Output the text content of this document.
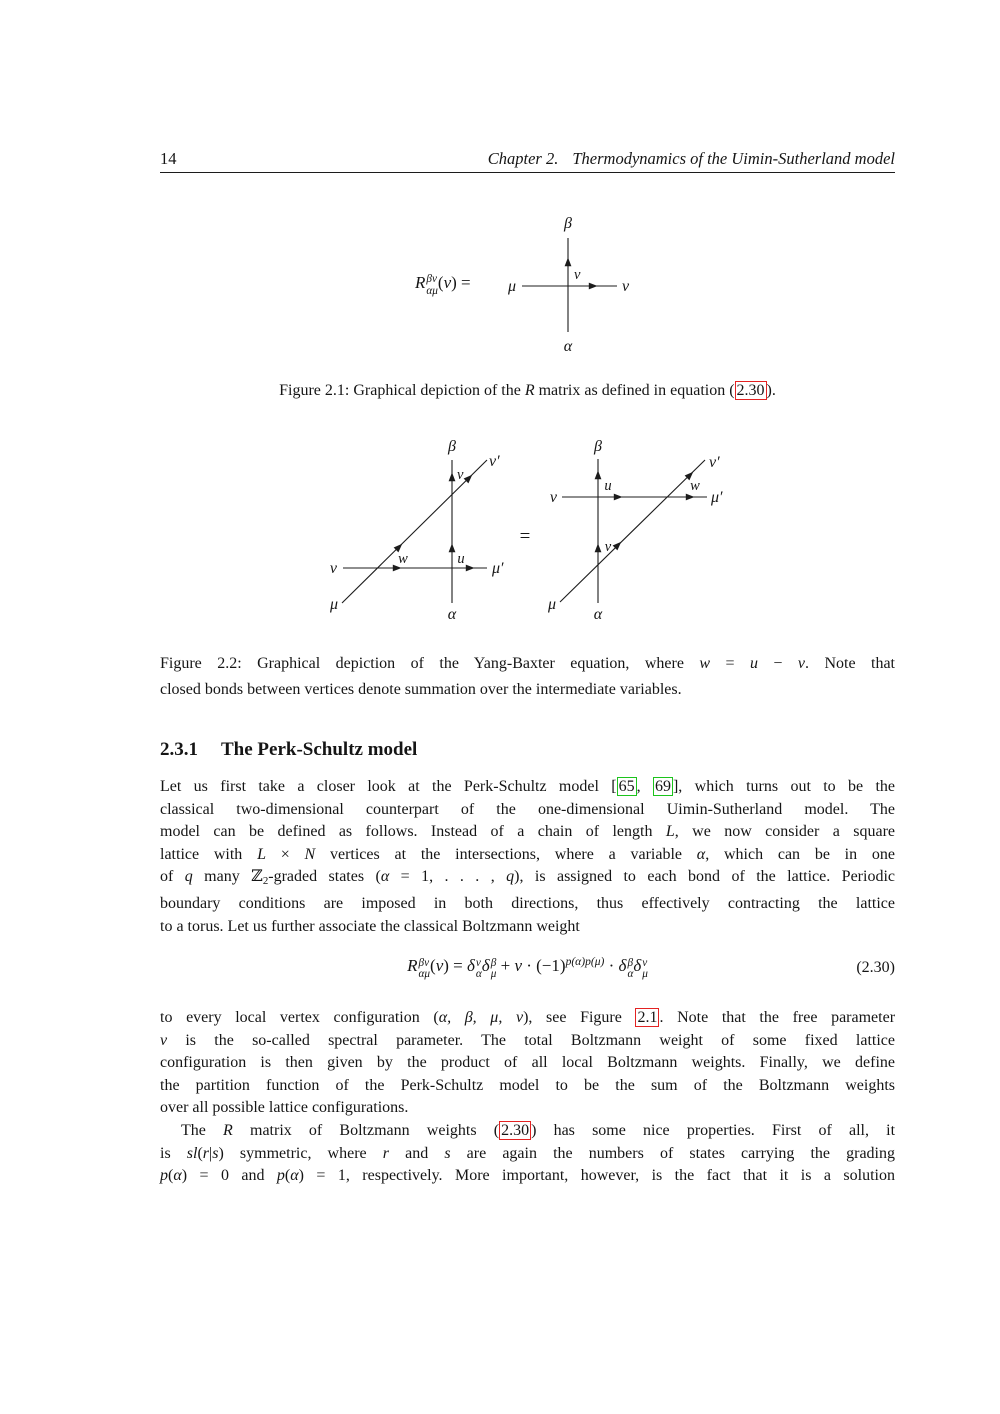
14	Chapter 2. Thermodynamics of the Uimin-Sutherland model
R βν
αμ (v) =
β
α
μ	ν
v
Figure 2.1: Graphical depiction of the R matrix as defined in equation ( 2.30 ).
β
α
ν	μ′
μ
ν′
v
w	u
=
β
α
ν	μ′
μ
ν′
u	w
v
Figure 2.2: Graphical depiction of the Yang-Baxter equation, where w = u − v. Note that
closed bonds between vertices denote summation over the intermediate variables.
2.3.1 The Perk-Schultz model
Let us first take a closer look at the Perk-Schultz model [ 65 , 69 ], which turns out to be the
classical two-dimensional counterpart of the one-dimensional Uimin-Sutherland model. The
model can be defined as follows. Instead of a chain of length L, we now consider a square
lattice with L × N vertices at the intersections, where a variable α, which can be in one
of q many ℤ2-graded states (α = 1, . . . , q), is assigned to each bond of the lattice. Periodic
boundary conditions are imposed in both directions, thus effectively contracting the lattice
to a torus. Let us further associate the classical Boltzmann weight
R βν
αμ (v) = δ ν
α δ β
$\mu + v \cdot (-1)^{p(\alpha)p(\mu)} \cdot \delta$ β
α δ ν
μ	(2.30)
to every local vertex configuration (α, β, μ, ν), see Figure 2.1 . Note that the free parameter
v is the so-called spectral parameter. The total Boltzmann weight of some fixed lattice
configuration is then given by the product of all local Boltzmann weights. Finally, we define
the partition function of the Perk-Schultz model to be the sum of the Boltzmann weights
over all possible lattice configurations.
The R matrix of Boltzmann weights ( 2.30 ) has some nice properties. First of all, it
is sl(r|s) symmetric, where r and s are again the numbers of states carrying the grading
p(α) = 0 and p(α) = 1, respectively. More important, however, is the fact that it is a solution
